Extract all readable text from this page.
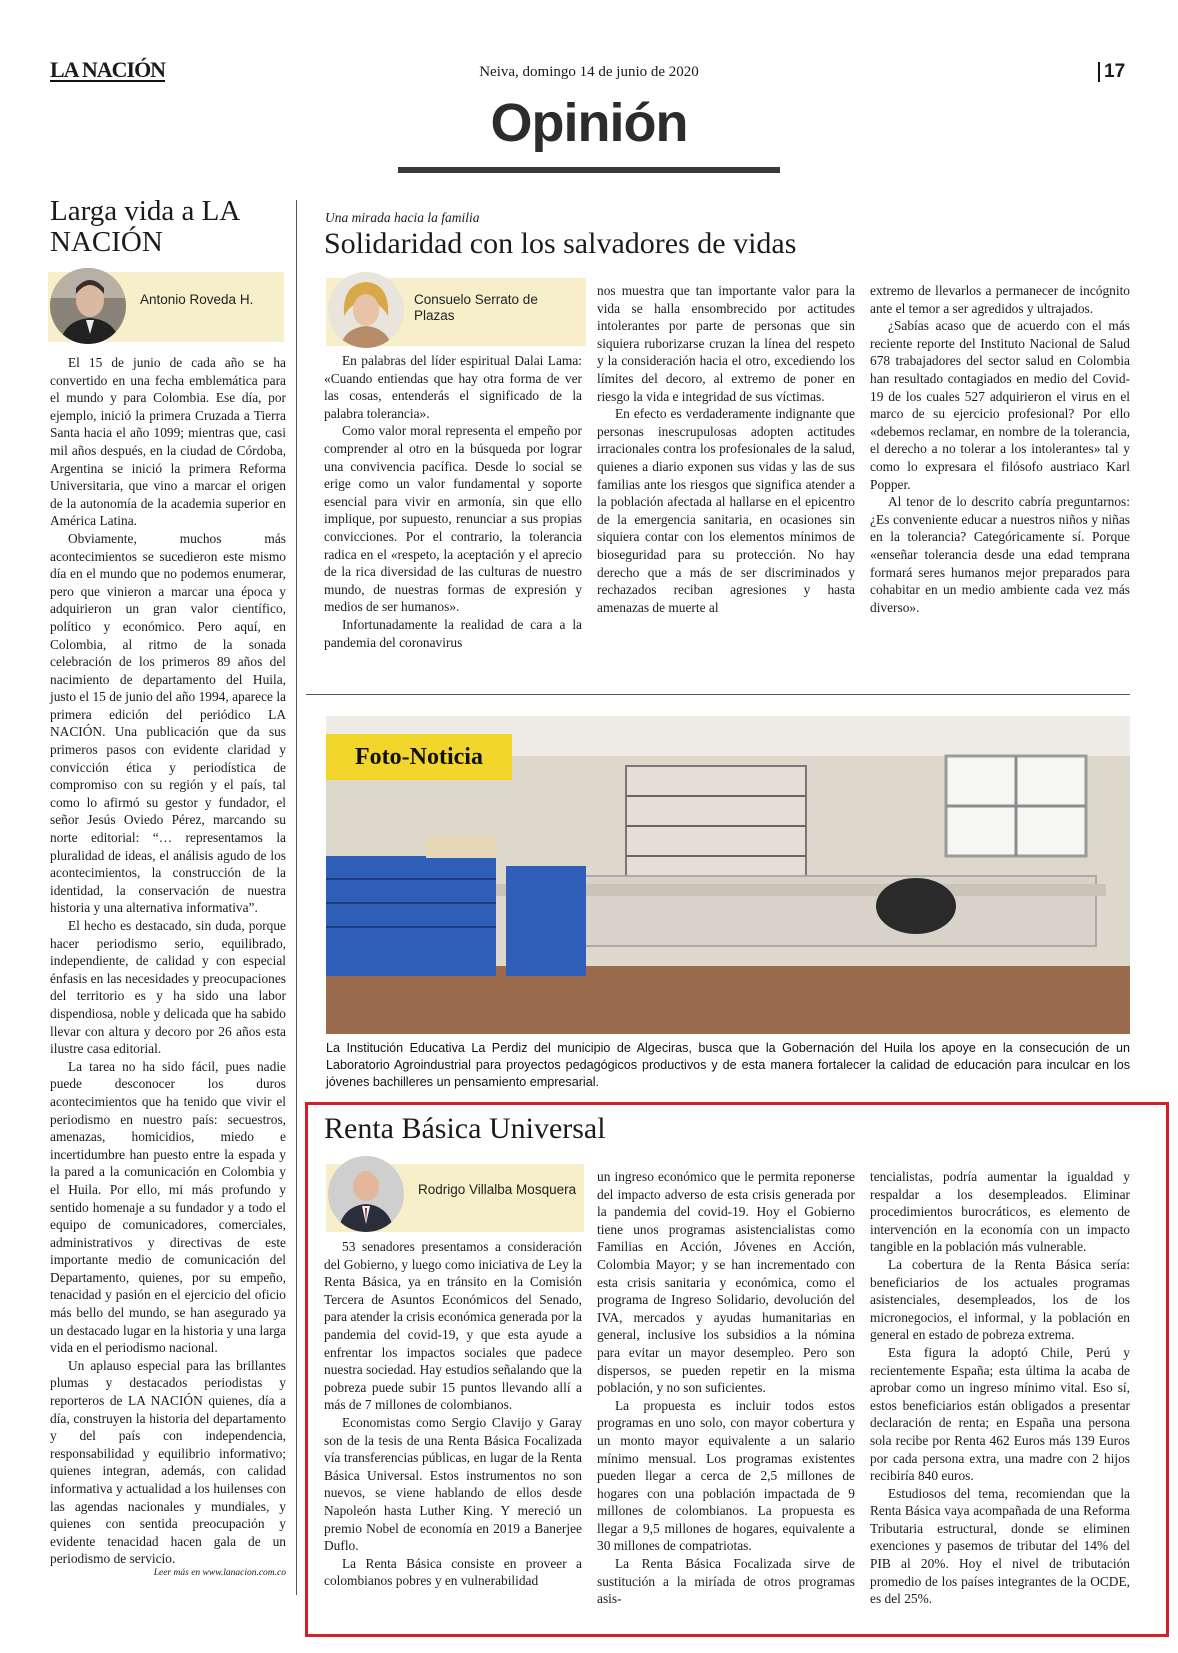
LA NACIÓN	Neiva, domingo 14 de junio de 2020	17
Opinión
Larga vida a LA NACIÓN
Antonio Roveda H.

El 15 de junio de cada año se ha convertido en una fecha emblemática para el mundo y para Colombia. Ese día, por ejemplo, inició la primera Cruzada a Tierra Santa hacia el año 1099; mientras que, casi mil años después, en la ciudad de Córdoba, Argentina se inició la primera Reforma Universitaria, que vino a marcar el origen de la autonomía de la academia superior en América Latina.

Obviamente, muchos más acontecimientos se sucedieron este mismo día en el mundo que no podemos enumerar, pero que vinieron a marcar una época y adquirieron un gran valor científico, político y económico. Pero aquí, en Colombia, al ritmo de la sonada celebración de los primeros 89 años del nacimiento de departamento del Huila, justo el 15 de junio del año 1994, aparece la primera edición del periódico LA NACIÓN. Una publicación que da sus primeros pasos con evidente claridad y convicción ética y periodística de compromiso con su región y el país, tal como lo afirmó su gestor y fundador, el señor Jesús Oviedo Pérez, marcando su norte editorial: “… representamos la pluralidad de ideas, el análisis agudo de los acontecimientos, la construcción de la identidad, la conservación de nuestra historia y una alternativa informativa”.

El hecho es destacado, sin duda, porque hacer periodismo serio, equilibrado, independiente, de calidad y con especial énfasis en las necesidades y preocupaciones del territorio es y ha sido una labor dispendiosa, noble y delicada que ha sabido llevar con altura y decoro por 26 años esta ilustre casa editorial.

La tarea no ha sido fácil, pues nadie puede desconocer los duros acontecimientos que ha tenido que vivir el periodismo en nuestro país: secuestros, amenazas, homicidios, miedo e incertidumbre han puesto entre la espada y la pared a la comunicación en Colombia y el Huila. Por ello, mi más profundo y sentido homenaje a su fundador y a todo el equipo de comunicadores, comerciales, administrativos y directivas de este importante medio de comunicación del Departamento, quienes, por su empeño, tenacidad y pasión en el ejercicio del oficio más bello del mundo, se han asegurado ya un destacado lugar en la historia y una larga vida en el periodismo nacional.

Un aplauso especial para las brillantes plumas y destacados periodistas y reporteros de LA NACIÓN quienes, día a día, construyen la historia del departamento y del país con independencia, responsabilidad y equilibrio informativo; quienes integran, además, con calidad informativa y actualidad a los huilenses con las agendas nacionales y mundiales, y quienes con sentida preocupación y evidente tenacidad hacen gala de un periodismo de servicio.

Leer más en www.lanacion.com.co
Una mirada hacia la familia
Solidaridad con los salvadores de vidas
Consuelo Serrato de Plazas

En palabras del líder espiritual Dalai Lama: «Cuando entiendas que hay otra forma de ver las cosas, entenderás el significado de la palabra tolerancia».

Como valor moral representa el empeño por comprender al otro en la búsqueda por lograr una convivencia pacífica. Desde lo social se erige como un valor fundamental y soporte esencial para vivir en armonía, sin que ello implique, por supuesto, renunciar a sus propias convicciones. Por el contrario, la tolerancia radica en el «respeto, la aceptación y el aprecio de la rica diversidad de las culturas de nuestro mundo, de nuestras formas de expresión y medios de ser humanos».

Infortunadamente la realidad de cara a la pandemia del coronavirus

nos muestra que tan importante valor para la vida se halla ensombrecido por actitudes intolerantes por parte de personas que sin siquiera ruborizarse cruzan la línea del respeto y la consideración hacia el otro, excediendo los límites del decoro, al extremo de poner en riesgo la vida e integridad de sus víctimas.

En efecto es verdaderamente indignante que personas inescrupulosas adopten actitudes irracionales contra los profesionales de la salud, quienes a diario exponen sus vidas y las de sus familias ante los riesgos que significa atender a la población afectada al hallarse en el epicentro de la emergencia sanitaria, en ocasiones sin siquiera contar con los elementos mínimos de bioseguridad para su protección. No hay derecho que a más de ser discriminados y rechazados reciban agresiones y hasta amenazas de muerte al

extremo de llevarlos a permanecer de incógnito ante el temor a ser agredidos y ultrajados.

¿Sabías acaso que de acuerdo con el más reciente reporte del Instituto Nacional de Salud 678 trabajadores del sector salud en Colombia han resultado contagiados en medio del Covid-19 de los cuales 527 adquirieron el virus en el marco de su ejercicio profesional? Por ello «debemos reclamar, en nombre de la tolerancia, el derecho a no tolerar a los intolerantes» tal y como lo expresara el filósofo austriaco Karl Popper.

Al tenor de lo descrito cabría preguntarnos: ¿Es conveniente educar a nuestros niños y niñas en la tolerancia? Categóricamente sí. Porque «enseñar tolerancia desde una edad temprana formará seres humanos mejor preparados para cohabitar en un medio ambiente cada vez más diverso».

Foto-Noticia
La Institución Educativa La Perdiz del municipio de Algeciras, busca que la Gobernación del Huila los apoye en la consecución de un Laboratorio Agroindustrial para proyectos pedagógicos productivos y de esta manera fortalecer la calidad de educación para inculcar en los jóvenes bachilleres un pensamiento empresarial.
Renta Básica Universal
Rodrigo Villalba Mosquera

53 senadores presentamos a consideración del Gobierno, y luego como iniciativa de Ley la Renta Básica, ya en tránsito en la Comisión Tercera de Asuntos Económicos del Senado, para atender la crisis económica generada por la pandemia del covid-19, y que esta ayude a enfrentar los impactos sociales que padece nuestra sociedad. Hay estudios señalando que la pobreza puede subir 15 puntos llevando allí a más de 7 millones de colombianos.

Economistas como Sergio Clavijo y Garay son de la tesis de una Renta Básica Focalizada vía transferencias públicas, en lugar de la Renta Básica Universal. Estos instrumentos no son nuevos, se viene hablando de ellos desde Napoleón hasta Luther King. Y mereció un premio Nobel de economía en 2019 a Banerjee Duflo.

La Renta Básica consiste en proveer a colombianos pobres y en vulnerabilidad

un ingreso económico que le permita reponerse del impacto adverso de esta crisis generada por la pandemia del covid-19. Hoy el Gobierno tiene unos programas asistencialistas como Familias en Acción, Jóvenes en Acción, Colombia Mayor; y se han incrementado con esta crisis sanitaria y económica, como el programa de Ingreso Solidario, devolución del IVA, mercados y ayudas humanitarias en general, inclusive los subsidios a la nómina para evitar un mayor desempleo. Pero son dispersos, se pueden repetir en la misma población, y no son suficientes.

La propuesta es incluir todos estos programas en uno solo, con mayor cobertura y un monto mayor equivalente a un salario mínimo mensual. Los programas existentes pueden llegar a cerca de 2,5 millones de hogares con una población impactada de 9 millones de colombianos. La propuesta es llegar a 9,5 millones de hogares, equivalente a 30 millones de compatriotas.

La Renta Básica Focalizada sirve de sustitución a la miríada de otros programas asis-

tencialistas, podría aumentar la igualdad y respaldar a los desempleados. Eliminar procedimientos burocráticos, es elemento de intervención en la economía con un impacto tangible en la población más vulnerable.

La cobertura de la Renta Básica sería: beneficiarios de los actuales programas asistenciales, desempleados, los de los micronegocios, el informal, y la población en general en estado de pobreza extrema.

Esta figura la adoptó Chile, Perú y recientemente España; esta última la acaba de aprobar como un ingreso mínimo vital. Eso sí, estos beneficiarios están obligados a presentar declaración de renta; en España una persona sola recibe por Renta 462 Euros más 139 Euros por cada persona extra, una madre con 2 hijos recibiría 840 euros.

Estudiosos del tema, recomiendan que la Renta Básica vaya acompañada de una Reforma Tributaria estructural, donde se eliminen exenciones y pasemos de tributar del 14% del PIB al 20%. Hoy el nivel de tributación promedio de los países integrantes de la OCDE, es del 25%.
